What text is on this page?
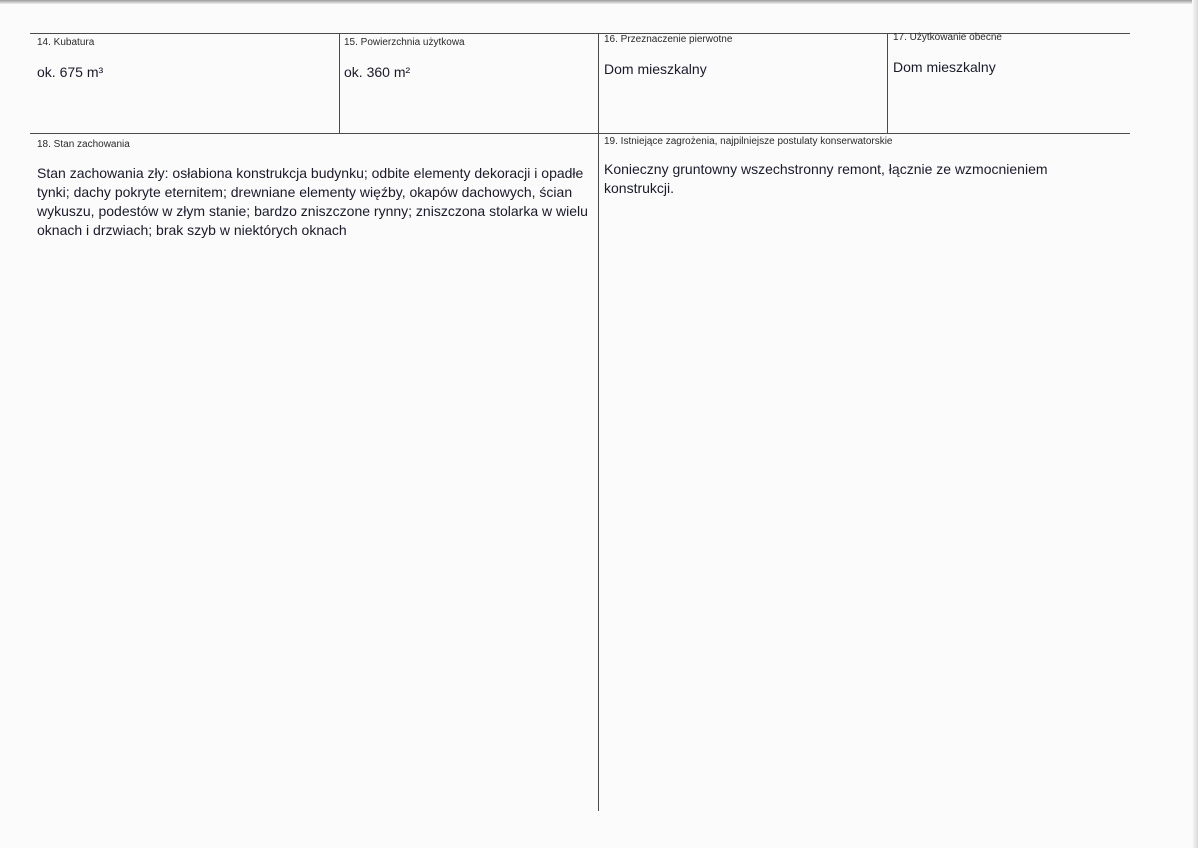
14. Kubatura
ok. 675 m³
15. Powierzchnia użytkowa
ok. 360 m²
16. Przeznaczenie pierwotne
Dom mieszkalny
17. Użytkowanie obecne
Dom mieszkalny
18. Stan zachowania
Stan zachowania zły: osłabiona konstrukcja budynku; odbite elementy dekoracji i opadłe tynki; dachy pokryte eternitem; drewniane elementy więźby, okapów dachowych, ścian wykuszu, podestów w złym stanie; bardzo zniszczone rynny; zniszczona stolarka w wielu oknach i drzwiach; brak szyb w niektórych oknach
19. Istniejące zagrożenia, najpilniejsze postulaty konserwatorskie
Konieczny gruntowny wszechstronny remont, łącznie ze wzmocnieniem konstrukcji.
